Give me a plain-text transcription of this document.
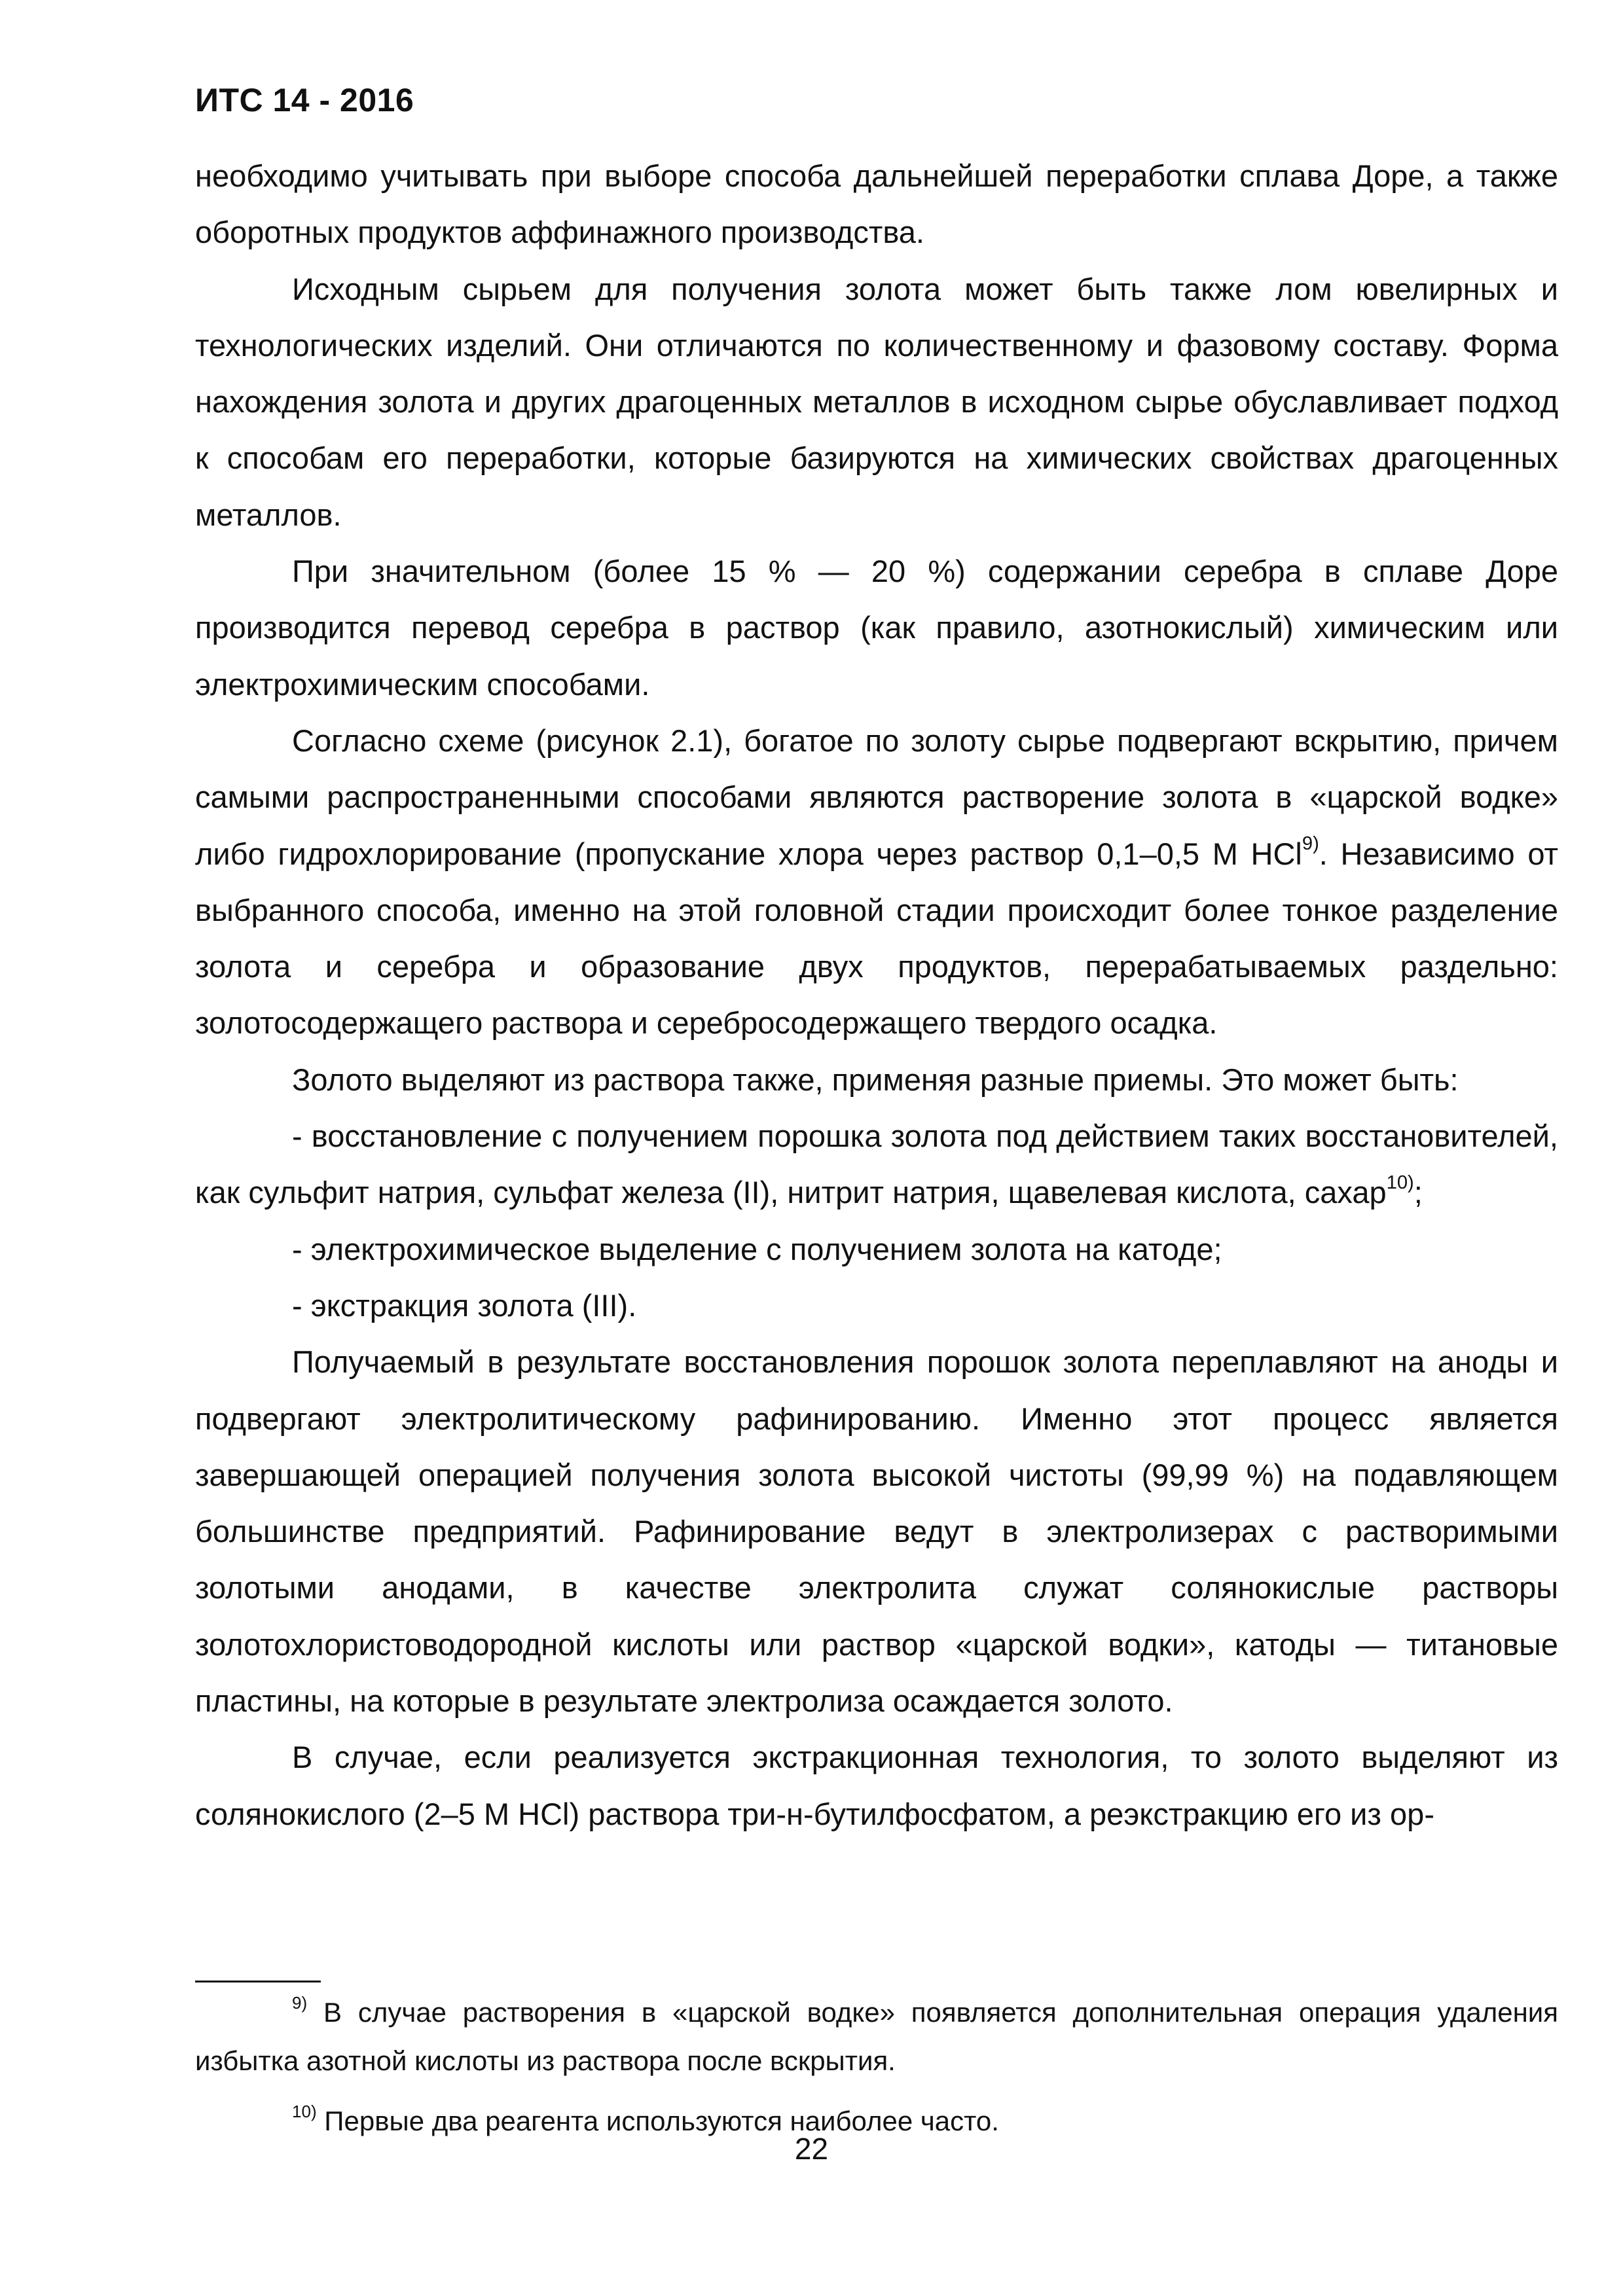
ИТС 14 - 2016

необходимо учитывать при выборе способа дальнейшей переработки сплава Доре, а также оборотных продуктов аффинажного производства.

Исходным сырьем для получения золота может быть также лом ювелирных и технологических изделий. Они отличаются по количественному и фазовому составу. Форма нахождения золота и других драгоценных металлов в исходном сырье обуславливает подход к способам его переработки, которые базируются на химических свойствах драгоценных металлов.

При значительном (более 15 % — 20 %) содержании серебра в сплаве Доре производится перевод серебра в раствор (как правило, азотнокислый) химическим или электрохимическим способами.

Согласно схеме (рисунок 2.1), богатое по золоту сырье подвергают вскрытию, причем самыми распространенными способами являются растворение золота в «царской водке» либо гидрохлорирование (пропускание хлора через раствор 0,1–0,5 M HCl$^{9)}$. Независимо от выбранного способа, именно на этой головной стадии происходит более тонкое разделение золота и серебра и образование двух продуктов, перерабатываемых раздельно: золотосодержащего раствора и серебросодержащего твердого осадка.

Золото выделяют из раствора также, применяя разные приемы. Это может быть:

- восстановление с получением порошка золота под действием таких восстановителей, как сульфит натрия, сульфат железа (II), нитрит натрия, щавелевая кислота, сахар$^{10)}$;

- электрохимическое выделение с получением золота на катоде;

- экстракция золота (III).

Получаемый в результате восстановления порошок золота переплавляют на аноды и подвергают электролитическому рафинированию. Именно этот процесс является завершающей операцией получения золота высокой чистоты (99,99 %) на подавляющем большинстве предприятий. Рафинирование ведут в электролизерах с растворимыми золотыми анодами, в качестве электролита служат солянокислые растворы золотохлористоводородной кислоты или раствор «царской водки», катоды — титановые пластины, на которые в результате электролиза осаждается золото.

В случае, если реализуется экстракционная технология, то золото выделяют из солянокислого (2–5 M HCl) раствора три-н-бутилфосфатом, а реэкстракцию его из ор-

$^{9)}$ В случае растворения в «царской водке» появляется дополнительная операция удаления избытка азотной кислоты из раствора после вскрытия.

$^{10)}$ Первые два реагента используются наиболее часто.

22
